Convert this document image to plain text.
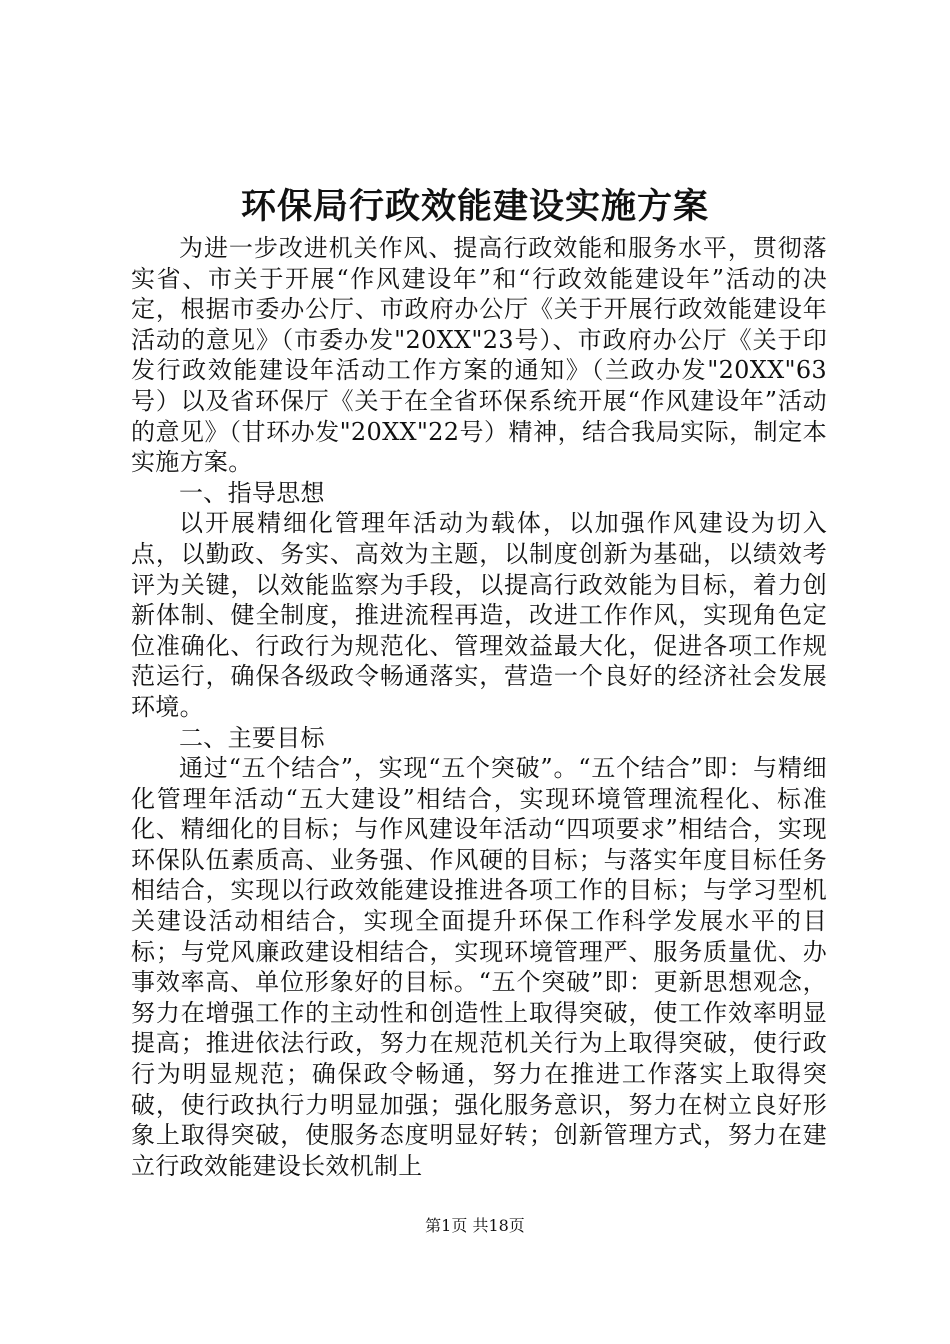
环保局行政效能建设实施方案

为进一步改进机关作风、提高行政效能和服务水平，贯彻落实省、市关于开展“作风建设年”和“行政效能建设年”活动的决定，根据市委办公厅、市政府办公厅《关于开展行政效能建设年活动的意见》（市委办发"20XX"23号）、市政府办公厅《关于印发行政效能建设年活动工作方案的通知》（兰政办发"20XX"63号）以及省环保厅《关于在全省环保系统开展“作风建设年”活动的意见》（甘环办发"20XX"22号）精神，结合我局实际，制定本实施方案。

一、指导思想

以开展精细化管理年活动为载体，以加强作风建设为切入点，以勤政、务实、高效为主题，以制度创新为基础，以绩效考评为关键，以效能监察为手段，以提高行政效能为目标，着力创新体制、健全制度，推进流程再造，改进工作作风，实现角色定位准确化、行政行为规范化、管理效益最大化，促进各项工作规范运行，确保各级政令畅通落实，营造一个良好的经济社会发展环境。

二、主要目标

通过“五个结合”，实现“五个突破”。“五个结合”即：与精细化管理年活动“五大建设”相结合，实现环境管理流程化、标准化、精细化的目标；与作风建设年活动“四项要求”相结合，实现环保队伍素质高、业务强、作风硬的目标；与落实年度目标任务相结合，实现以行政效能建设推进各项工作的目标；与学习型机关建设活动相结合，实现全面提升环保工作科学发展水平的目标；与党风廉政建设相结合，实现环境管理严、服务质量优、办事效率高、单位形象好的目标。“五个突破”即：更新思想观念，努力在增强工作的主动性和创造性上取得突破，使工作效率明显提高；推进依法行政，努力在规范机关行为上取得突破，使行政行为明显规范；确保政令畅通，努力在推进工作落实上取得突破，使行政执行力明显加强；强化服务意识，努力在树立良好形象上取得突破，使服务态度明显好转；创新管理方式，努力在建立行政效能建设长效机制上

第1页 共18页
